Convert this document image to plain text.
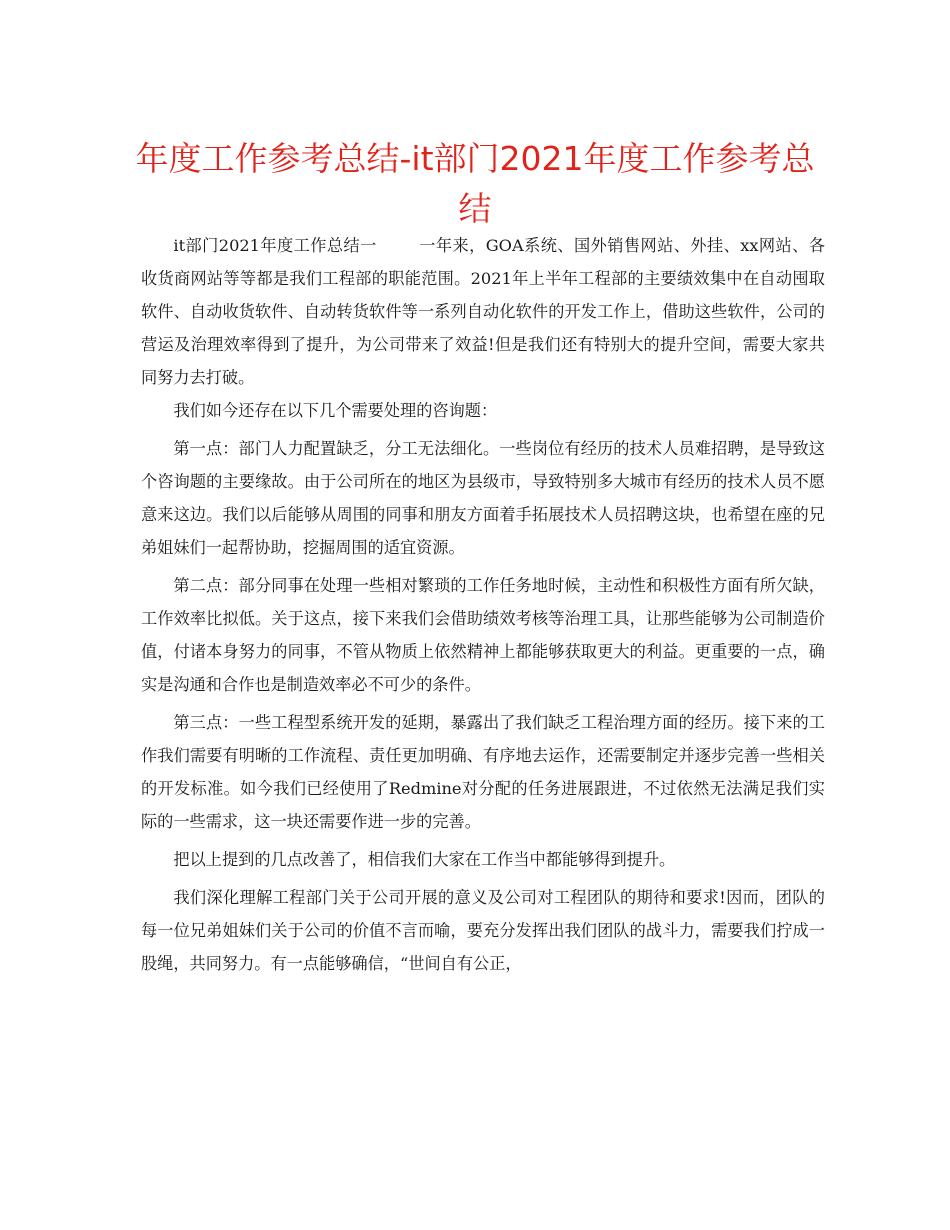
年度工作参考总结-it部门2021年度工作参考总结

it部门2021年度工作总结一	一年来，GOA系统、国外销售网站、外挂、xx网站、各收货商网站等等都是我们工程部的职能范围。2021年上半年工程部的主要绩效集中在自动囤取软件、自动收货软件、自动转货软件等一系列自动化软件的开发工作上，借助这些软件，公司的营运及治理效率得到了提升，为公司带来了效益!但是我们还有特别大的提升空间，需要大家共同努力去打破。

我们如今还存在以下几个需要处理的咨询题：

第一点：部门人力配置缺乏，分工无法细化。一些岗位有经历的技术人员难招聘，是导致这个咨询题的主要缘故。由于公司所在的地区为县级市，导致特别多大城市有经历的技术人员不愿意来这边。我们以后能够从周围的同事和朋友方面着手拓展技术人员招聘这块，也希望在座的兄弟姐妹们一起帮协助，挖掘周围的适宜资源。

第二点：部分同事在处理一些相对繁琐的工作任务地时候，主动性和积极性方面有所欠缺，工作效率比拟低。关于这点，接下来我们会借助绩效考核等治理工具，让那些能够为公司制造价值，付诸本身努力的同事，不管从物质上依然精神上都能够获取更大的利益。更重要的一点，确实是沟通和合作也是制造效率必不可少的条件。

第三点：一些工程型系统开发的延期，暴露出了我们缺乏工程治理方面的经历。接下来的工作我们需要有明晰的工作流程、责任更加明确、有序地去运作，还需要制定并逐步完善一些相关的开发标准。如今我们已经使用了Redmine对分配的任务进展跟进，不过依然无法满足我们实际的一些需求，这一块还需要作进一步的完善。

把以上提到的几点改善了，相信我们大家在工作当中都能够得到提升。

我们深化理解工程部门关于公司开展的意义及公司对工程团队的期待和要求!因而，团队的每一位兄弟姐妹们关于公司的价值不言而喻，要充分发挥出我们团队的战斗力，需要我们拧成一股绳，共同努力。有一点能够确信，“世间自有公正，
